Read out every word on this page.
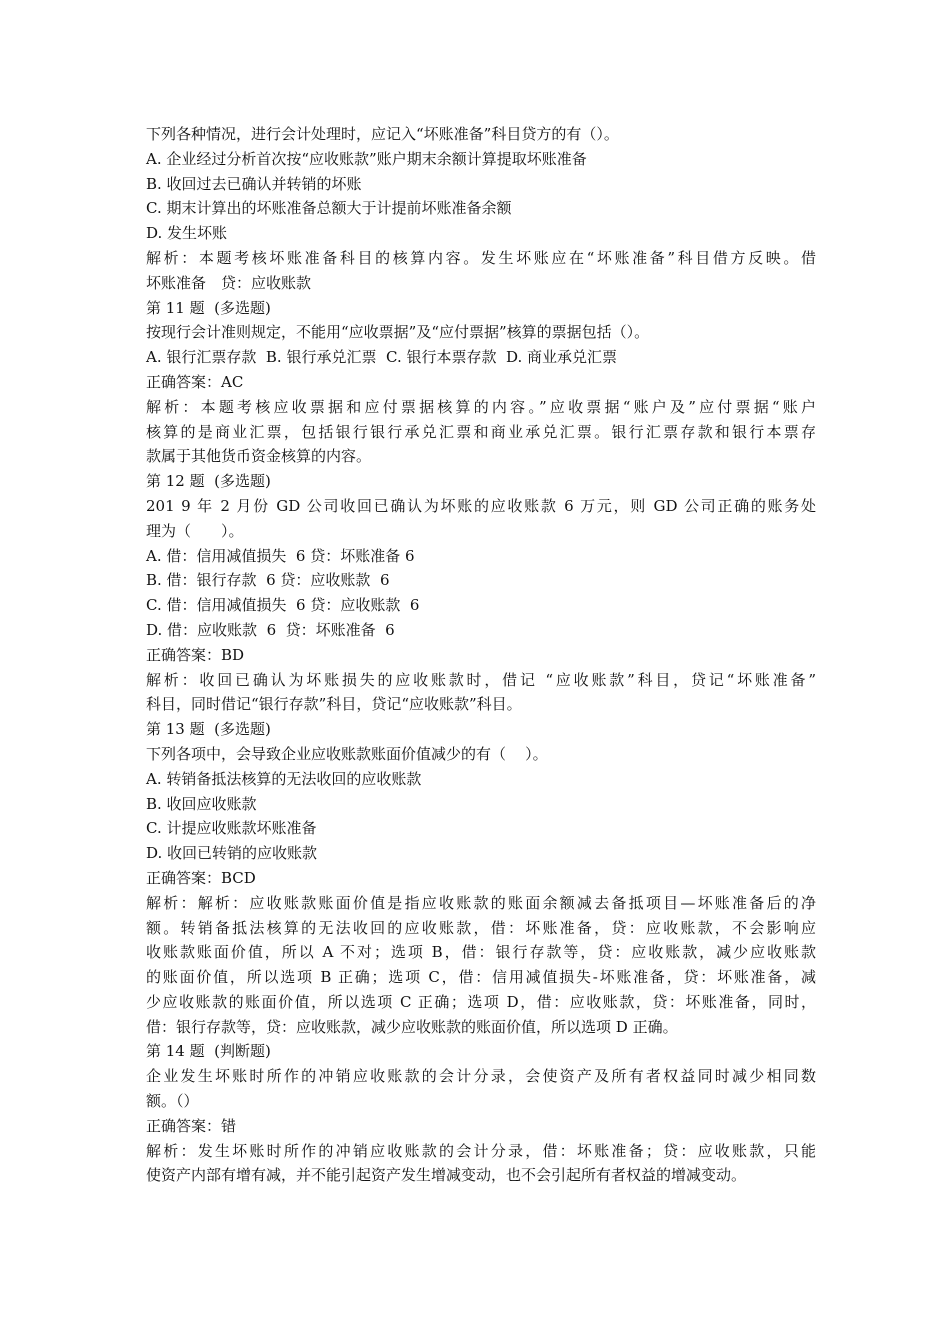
下列各种情况，进行会计处理时，应记入“坏账准备”科目贷方的有（）。
A. 企业经过分析首次按“应收账款”账户期末余额计算提取坏账准备
B. 收回过去已确认并转销的坏账
C. 期末计算出的坏账准备总额大于计提前坏账准备余额
D. 发生坏账
解析：本题考核坏账准备科目的核算内容。发生坏账应在“坏账准备”科目借方反映。借
坏账准备　贷：应收账款
第 11 题  (多选题)
按现行会计准则规定，不能用“应收票据”及“应付票据”核算的票据包括（）。
A. 银行汇票存款  B. 银行承兑汇票  C. 银行本票存款  D. 商业承兑汇票
正确答案：AC
解析：本题考核应收票据和应付票据核算的内容。”应收票据“账户及”应付票据“账户
核算的是商业汇票，包括银行银行承兑汇票和商业承兑汇票。银行汇票存款和银行本票存
款属于其他货币资金核算的内容。
第 12 题  (多选题)
201 9 年 2 月份 GD 公司收回已确认为坏账的应收账款 6 万元，则 GD 公司正确的账务处
理为（　　）。
A. 借：信用减值损失  6 贷：坏账准备 6
B. 借：银行存款  6 贷：应收账款  6
C. 借：信用减值损失  6 贷：应收账款  6
D. 借：应收账款  6  贷：坏账准备  6
正确答案：BD
解析：收回已确认为坏账损失的应收账款时，借记 “应收账款”科目，贷记“坏账准备”
科目，同时借记“银行存款”科目，贷记“应收账款”科目。
第 13 题  (多选题)
下列各项中，会导致企业应收账款账面价值减少的有（    ）。
A. 转销备抵法核算的无法收回的应收账款
B. 收回应收账款
C. 计提应收账款坏账准备
D. 收回已转销的应收账款
正确答案：BCD
解析：解析：应收账款账面价值是指应收账款的账面余额减去备抵项目—坏账准备后的净
额。转销备抵法核算的无法收回的应收账款，借：坏账准备，贷：应收账款，不会影响应
收账款账面价值，所以 A 不对；选项 B，借：银行存款等，贷：应收账款，减少应收账款
的账面价值，所以选项 B 正确；选项 C，借：信用减值损失-坏账准备，贷：坏账准备，减
少应收账款的账面价值，所以选项 C 正确；选项 D，借：应收账款，贷：坏账准备，同时，
借：银行存款等，贷：应收账款，减少应收账款的账面价值，所以选项 D 正确。
第 14 题  (判断题)
企业发生坏账时所作的冲销应收账款的会计分录，会使资产及所有者权益同时减少相同数
额。（）
正确答案：错
解析：发生坏账时所作的冲销应收账款的会计分录，借：坏账准备；贷：应收账款，只能
使资产内部有增有减，并不能引起资产发生增减变动，也不会引起所有者权益的增减变动。
